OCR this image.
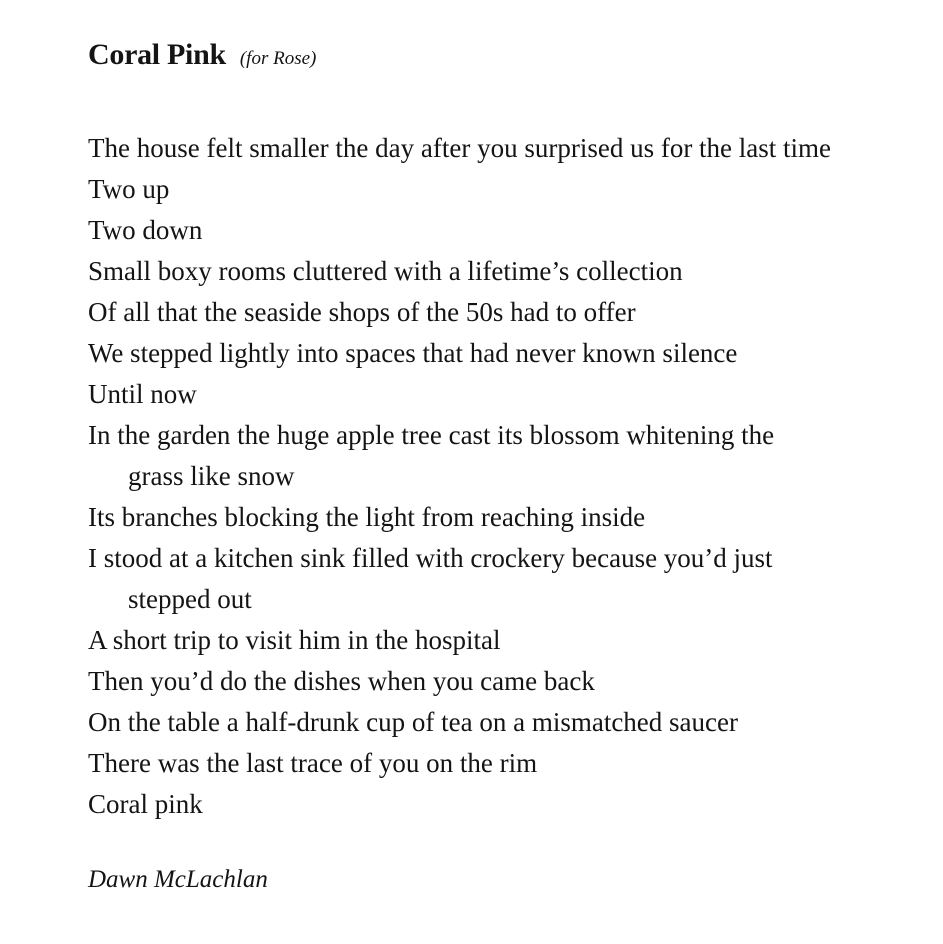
Coral Pink (for Rose)
The house felt smaller the day after you surprised us for the last time
Two up
Two down
Small boxy rooms cluttered with a lifetime’s collection
Of all that the seaside shops of the 50s had to offer
We stepped lightly into spaces that had never known silence
Until now
In the garden the huge apple tree cast its blossom whitening the
grass like snow
Its branches blocking the light from reaching inside
I stood at a kitchen sink filled with crockery because you’d just
stepped out
A short trip to visit him in the hospital
Then you’d do the dishes when you came back
On the table a half-drunk cup of tea on a mismatched saucer
There was the last trace of you on the rim
Coral pink
Dawn McLachlan
